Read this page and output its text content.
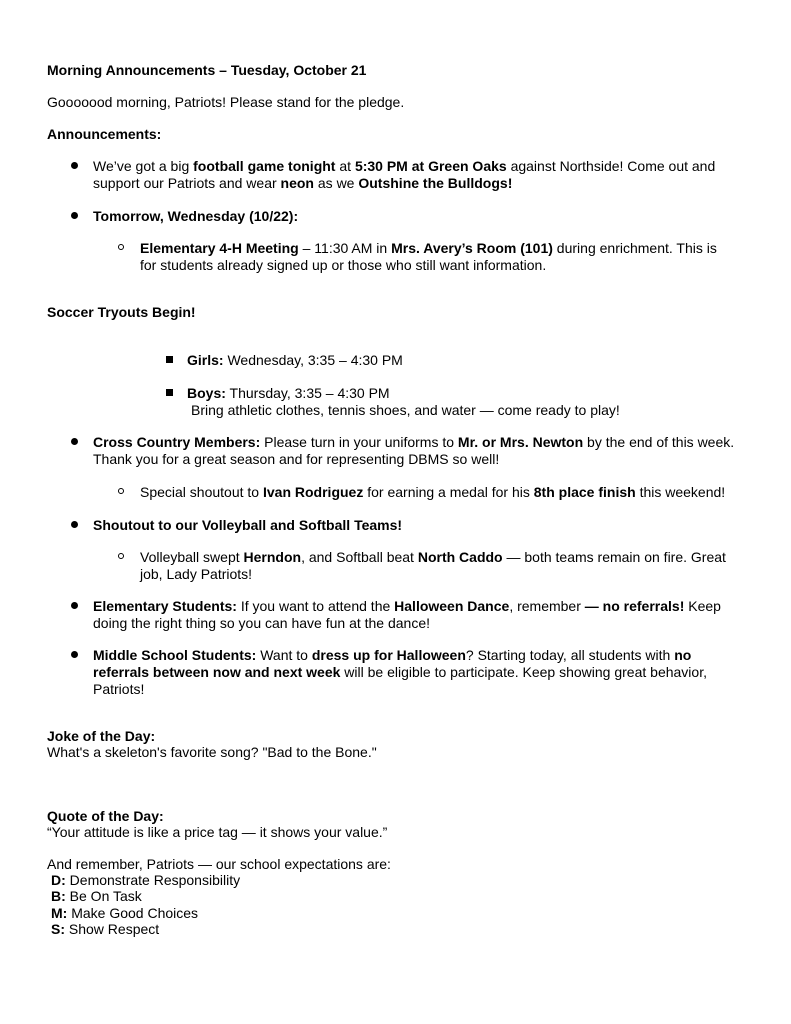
Morning Announcements – Tuesday, October 21
Gooooood morning, Patriots! Please stand for the pledge.
Announcements:
We’ve got a big football game tonight at 5:30 PM at Green Oaks against Northside! Come out and
support our Patriots and wear neon as we Outshine the Bulldogs!
Tomorrow, Wednesday (10/22):
Elementary 4-H Meeting – 11:30 AM in Mrs. Avery’s Room (101) during enrichment. This is
for students already signed up or those who still want information.
Soccer Tryouts Begin!
Girls: Wednesday, 3:35 – 4:30 PM
Boys: Thursday, 3:35 – 4:30 PM
Bring athletic clothes, tennis shoes, and water — come ready to play!
Cross Country Members: Please turn in your uniforms to Mr. or Mrs. Newton by the end of this week.
Thank you for a great season and for representing DBMS so well!
Special shoutout to Ivan Rodriguez for earning a medal for his 8th place finish this weekend!
Shoutout to our Volleyball and Softball Teams!
Volleyball swept Herndon, and Softball beat North Caddo — both teams remain on fire. Great
job, Lady Patriots!
Elementary Students: If you want to attend the Halloween Dance, remember — no referrals! Keep
doing the right thing so you can have fun at the dance!
Middle School Students: Want to dress up for Halloween? Starting today, all students with no
referrals between now and next week will be eligible to participate. Keep showing great behavior,
Patriots!
Joke of the Day:
What's a skeleton's favorite song? "Bad to the Bone."
Quote of the Day:
“Your attitude is like a price tag — it shows your value.”
And remember, Patriots — our school expectations are:
D: Demonstrate Responsibility
B: Be On Task
M: Make Good Choices
S: Show Respect
